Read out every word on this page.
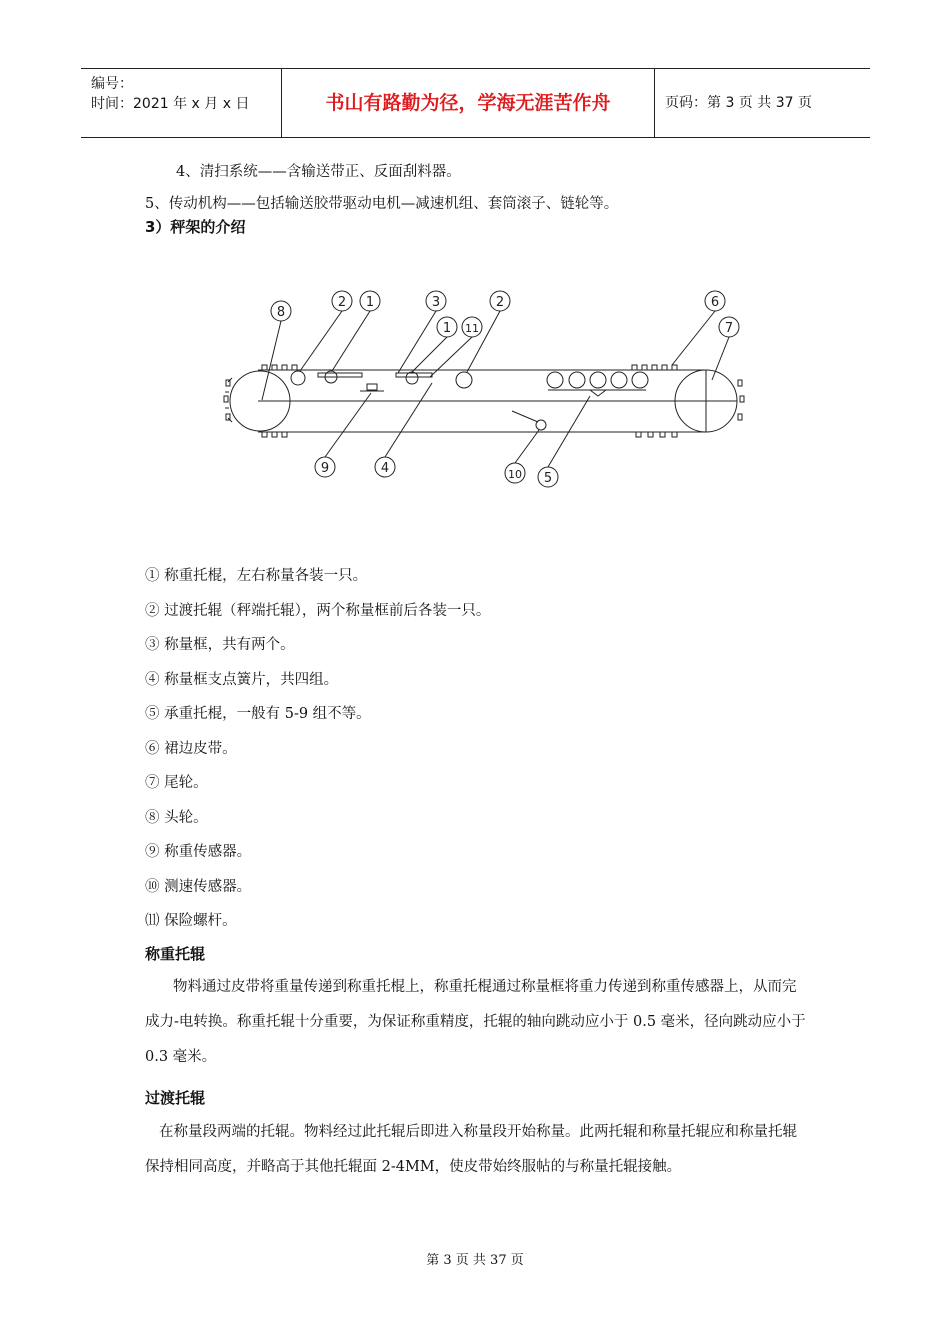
编号：
时间：2021 年 x 月 x 日	书山有路勤为径，学海无涯苦作舟	页码：第 3 页 共 37 页
4、清扫系统——含输送带正、反面刮料器。
5、传动机构——包括输送胶带驱动电机—减速机组、套筒滚子、链轮等。
3）秤架的介绍
8
2 1	3
1 11
2	6
7
9	4	10 5
① 称重托棍，左右称量各装一只。
② 过渡托辊（秤端托辊），两个称量框前后各装一只。
③ 称量框，共有两个。
④ 称量框支点簧片，共四组。
⑤ 承重托棍，一般有 5-9 组不等。
⑥ 裙边皮带。
⑦ 尾轮。
⑧ 头轮。
⑨ 称重传感器。
⑩ 测速传感器。
⑾ 保险螺杆。
称重托辊
物料通过皮带将重量传递到称重托棍上，称重托棍通过称量框将重力传递到称重传感器上，从而完成力-电转换。称重托辊十分重要，为保证称重精度，托辊的轴向跳动应小于 0.5 毫米，径向跳动应小于 0.3 毫米。
过渡托辊
在称量段两端的托辊。物料经过此托辊后即进入称量段开始称量。此两托辊和称量托辊应和称量托辊保持相同高度，并略高于其他托辊面 2-4MM，使皮带始终服帖的与称量托辊接触。
第 3 页 共 37 页
